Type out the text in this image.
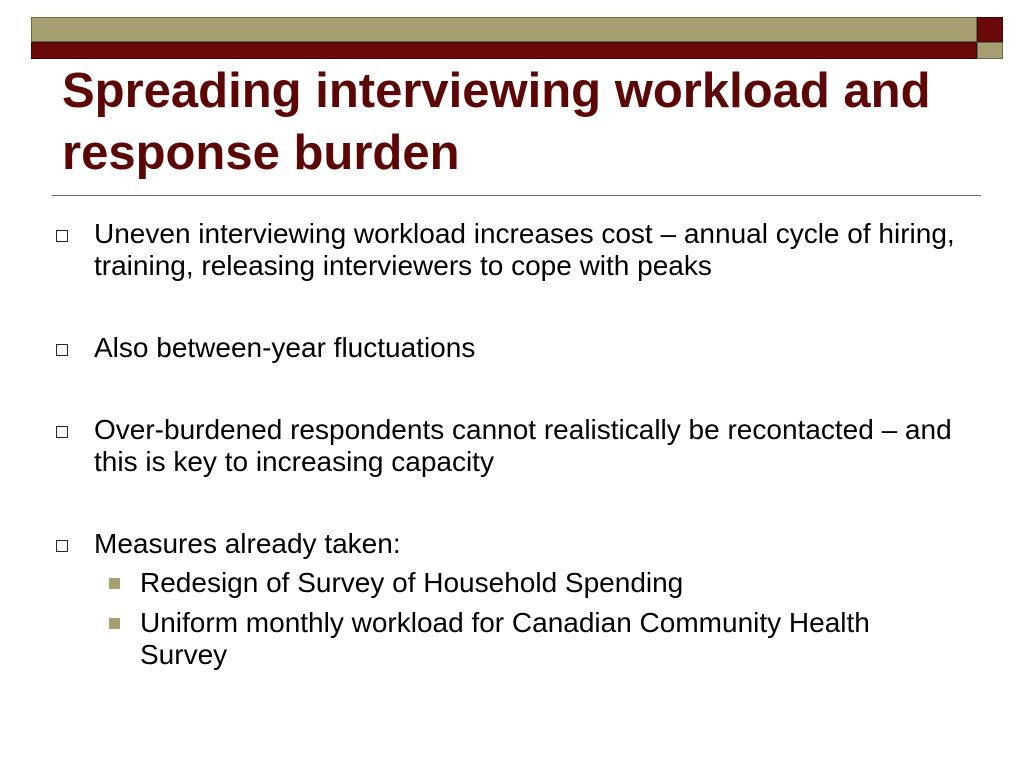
Spreading interviewing workload and response burden
Uneven interviewing workload increases cost – annual cycle of hiring, training, releasing interviewers to cope with peaks
Also between-year fluctuations
Over-burdened respondents cannot realistically be recontacted – and this is key to increasing capacity
Measures already taken:
Redesign of Survey of Household Spending
Uniform monthly workload for Canadian Community Health Survey
